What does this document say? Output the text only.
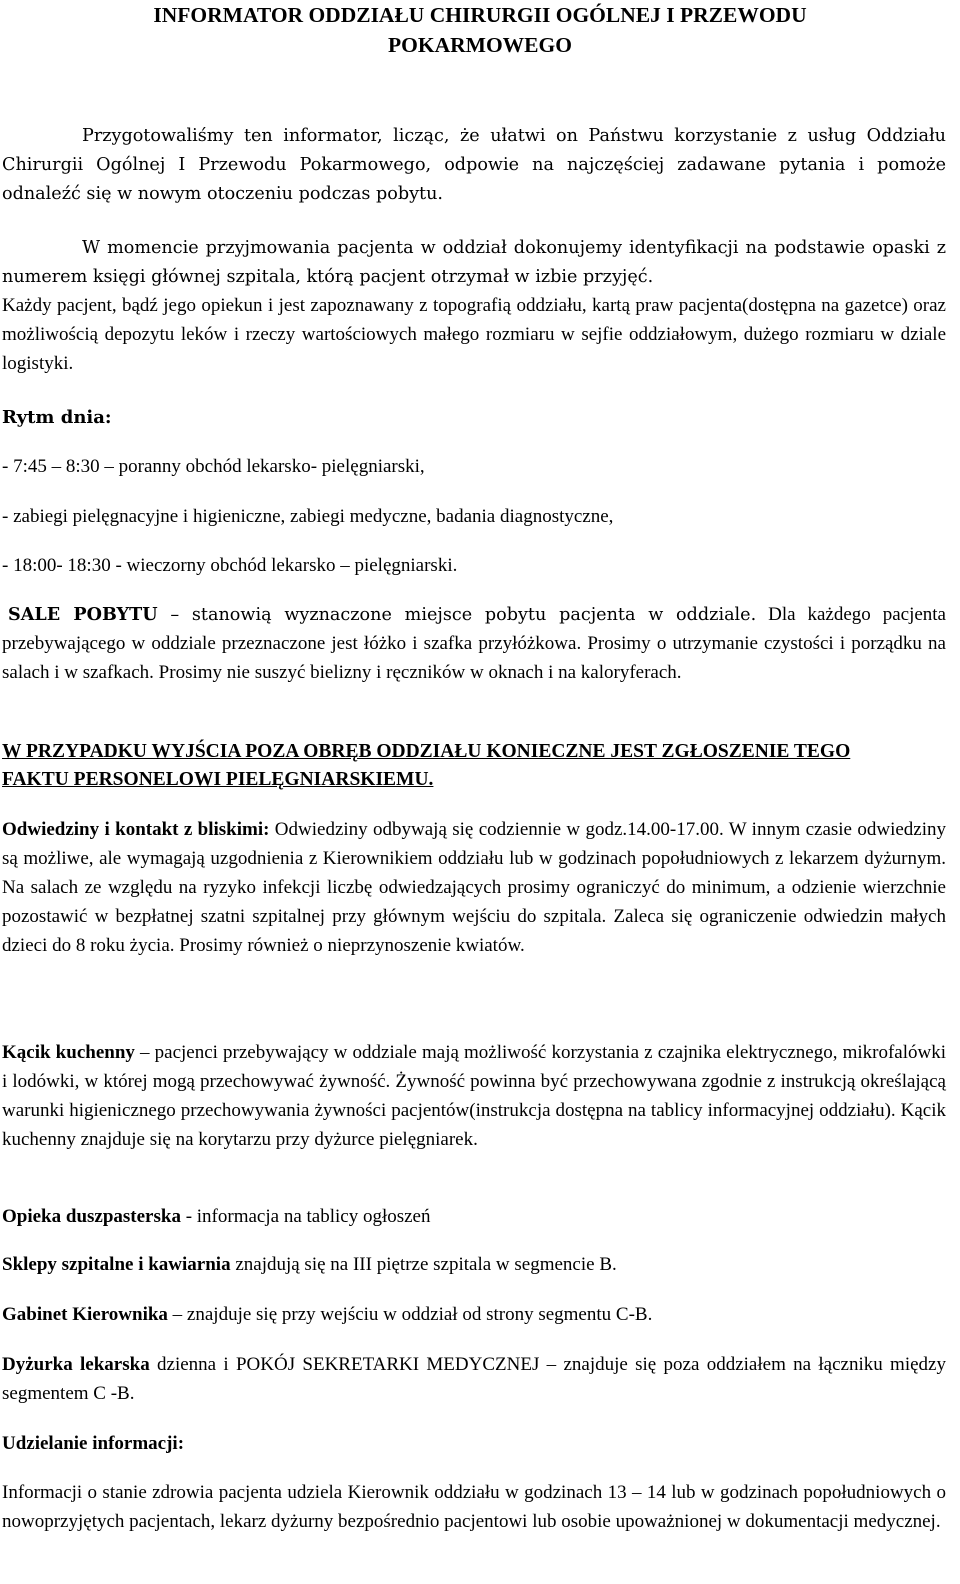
INFORMATOR ODDZIAŁU CHIRURGII OGÓLNEJ I PRZEWODU
POKARMOWEGO

Przygotowaliśmy ten informator, licząc, że ułatwi on Państwu korzystanie z usług Oddziału Chirurgii Ogólnej I Przewodu Pokarmowego, odpowie na najczęściej zadawane pytania i pomoże odnaleźć się w nowym otoczeniu podczas pobytu.

W momencie przyjmowania pacjenta w oddział dokonujemy identyfikacji na podstawie opaski z numerem księgi głównej szpitala, którą pacjent otrzymał w izbie przyjęć.

Każdy pacjent, bądź jego opiekun i jest zapoznawany z topografią oddziału, kartą praw pacjenta(dostępna na gazetce) oraz możliwością depozytu leków i rzeczy wartościowych małego rozmiaru w sejfie oddziałowym, dużego rozmiaru w dziale logistyki.

Rytm dnia:

- 7:45 – 8:30 – poranny obchód lekarsko- pielęgniarski,

- zabiegi pielęgnacyjne i higieniczne, zabiegi medyczne, badania diagnostyczne,

- 18:00- 18:30 - wieczorny obchód lekarsko – pielęgniarski.

SALE POBYTU – stanowią wyznaczone miejsce pobytu pacjenta w oddziale. Dla każdego pacjenta przebywającego w oddziale przeznaczone jest łóżko i szafka przyłóżkowa. Prosimy o utrzymanie czystości i porządku na salach i w szafkach. Prosimy nie suszyć bielizny i ręczników w oknach i na kaloryferach.

W PRZYPADKU WYJŚCIA POZA OBRĘB ODDZIAŁU KONIECZNE JEST ZGŁOSZENIE TEGO FAKTU PERSONELOWI PIELĘGNIARSKIEMU.

Odwiedziny i kontakt z bliskimi: Odwiedziny odbywają się codziennie w godz.14.00-17.00. W innym czasie odwiedziny są możliwe, ale wymagają uzgodnienia z Kierownikiem oddziału lub w godzinach popołudniowych z lekarzem dyżurnym. Na salach ze względu na ryzyko infekcji liczbę odwiedzających prosimy ograniczyć do minimum, a odzienie wierzchnie pozostawić w bezpłatnej szatni szpitalnej przy głównym wejściu do szpitala. Zaleca się ograniczenie odwiedzin małych dzieci do 8 roku życia. Prosimy również o nieprzynoszenie kwiatów.

Kącik kuchenny – pacjenci przebywający w oddziale mają możliwość korzystania z czajnika elektrycznego, mikrofalówki i lodówki, w której mogą przechowywać żywność. Żywność powinna być przechowywana zgodnie z instrukcją określającą warunki higienicznego przechowywania żywności pacjentów(instrukcja dostępna na tablicy informacyjnej oddziału). Kącik kuchenny znajduje się na korytarzu przy dyżurce pielęgniarek.

Opieka duszpasterska - informacja na tablicy ogłoszeń

Sklepy szpitalne i kawiarnia znajdują się na III piętrze szpitala w segmencie B.

Gabinet Kierownika – znajduje się przy wejściu w oddział od strony segmentu C-B.

Dyżurka lekarska dzienna i POKÓJ SEKRETARKI MEDYCZNEJ – znajduje się poza oddziałem na łączniku między segmentem C -B.

Udzielanie informacji:

Informacji o stanie zdrowia pacjenta udziela Kierownik oddziału w godzinach 13 – 14 lub w godzinach popołudniowych o nowoprzyjętych pacjentach, lekarz dyżurny bezpośrednio pacjentowi lub osobie upoważnionej w dokumentacji medycznej.
